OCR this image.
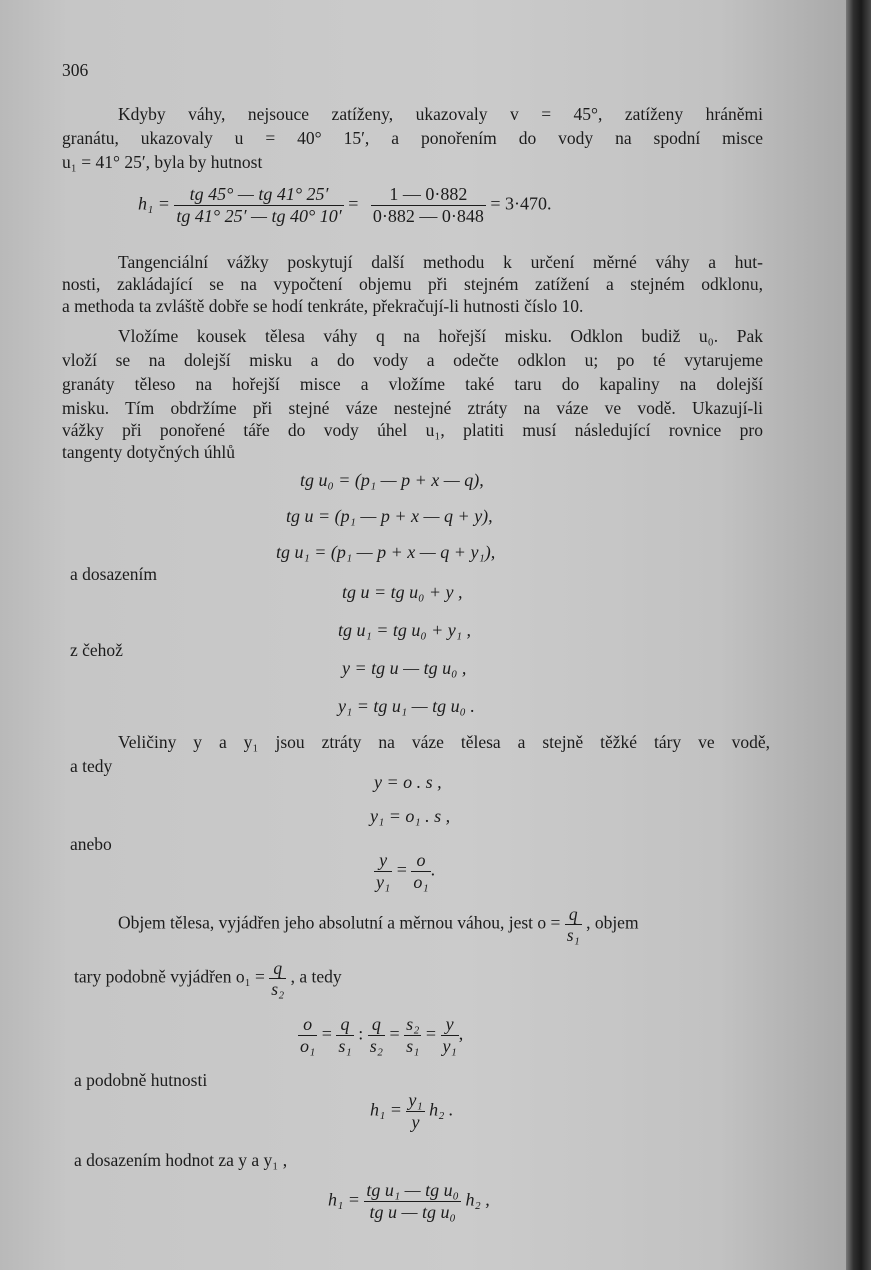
306
Kdyby váhy, nejsouce zatíženy, ukazovaly v = 45°, zatíženy hráněmi
granátu, ukazovaly u = 40° 15′, a ponořením do vody na spodní misce
u₁ = 41° 25′, byla by hutnost
$h_1 = \frac{tg 45^\circ — tg 41^\circ 25'}{tg 41^\circ 25' — tg 40^\circ 10'} = \frac{1 — 0\cdot 882}{0\cdot 882 — 0\cdot 848} = 3\cdot 470$.
Tangenciální vážky poskytují další methodu k určení měrné váhy a hut-
nosti, zakládající se na vypočtení objemu při stejném zatížení a stejném odklonu,
a methoda ta zvláště dobře se hodí tenkráte, překračují-li hutnosti číslo 10.
Vložíme kousek tělesa váhy q na hořejší misku. Odklon budiž u₀. Pak
vloží se na dolejší misku a do vody a odečte odklon u; po té vytarujeme
granáty těleso na hořejší misce a vložíme také taru do kapaliny na dolejší
misku. Tím obdržíme při stejné váze nestejné ztráty na váze ve vodě. Ukazují-li
vážky při ponořené táře do vody úhel u₁, platiti musí následující rovnice pro
tangenty dotyčných úhlů
tg u₀ = (p₁ — p + x — q),
tg u = (p₁ — p + x — q + y),
tg u₁ = (p₁ — p + x — q + y₁),
a dosazením
tg u = tg u₀ + y ,
tg u₁ = tg u₀ + y₁ ,
z čehož
y = tg u — tg u₀ ,
y₁ = tg u₁ — tg u₀ .
Veličiny y a y₁ jsou ztráty na váze tělesa a stejně těžké táry ve vodě,
a tedy
y = o . s ,
y₁ = o₁ . s ,
anebo
$\frac{y}{\text{y₁}} = \frac{o}{\text{o₁}}$ .
Objem tělesa, vyjádřen jeho absolutní a měrnou váhou, jest $o = \frac{q}{\text{s₁}}$ , objem
tary podobně vyjádřen $o_1 = \frac{q}{\text{s₂}}$ , a tedy
$\frac{o}{\text{o₁}} = \frac{q}{\text{s₁}}$ : $\frac{q}{\text{s₂}} = \frac{\text{s₂}}{\text{s₁}} = \frac{y}{\text{y₁}}$ ,
a podobně hutnosti
$h_1 = \frac{\text{y₁}}{y} h_2$ .
a dosazením hodnot za y a y₁ ,
$h_1 = \frac{\text{tg u₁ — tg u₀}}{\text{tg u — tg u₀}} h_2$ ,
